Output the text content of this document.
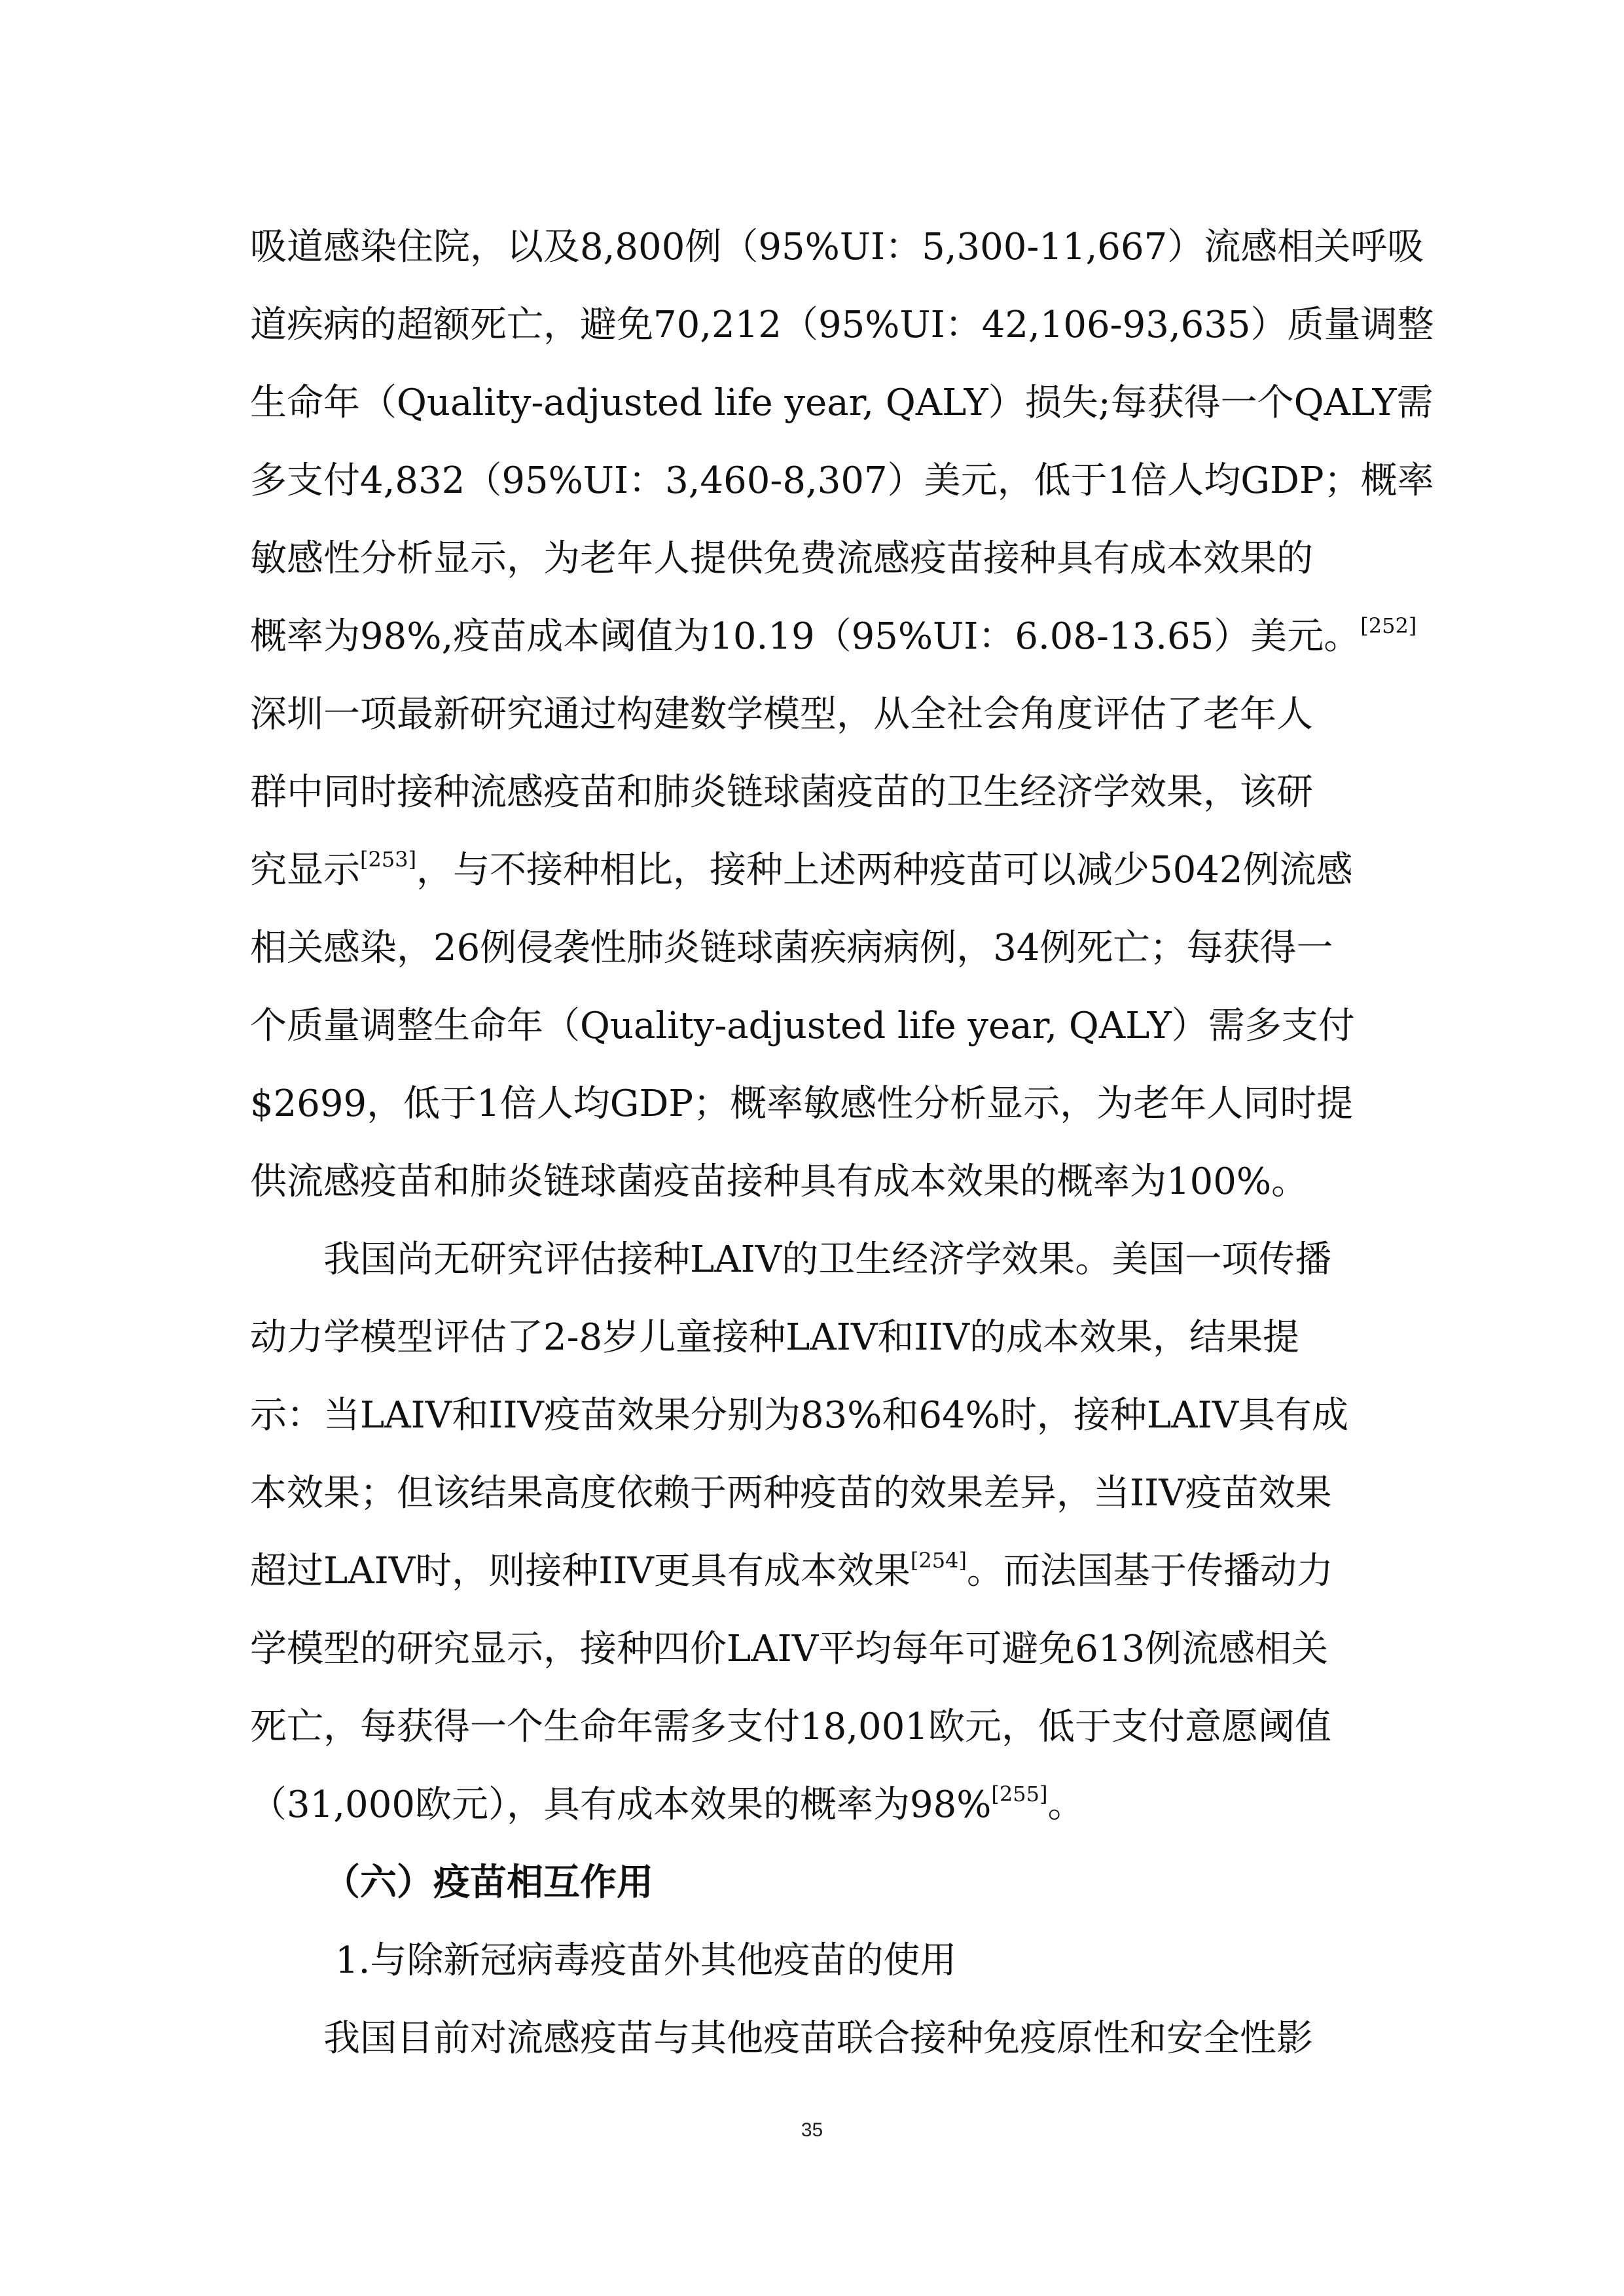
吸道感染住院，以及8,800例（95%UI：5,300-11,667）流感相关呼吸
道疾病的超额死亡，避免70,212（95%UI：42,106-93,635）质量调整
生命年（Quality-adjusted life year, QALY）损失;每获得一个QALY需
多支付4,832（95%UI：3,460-8,307）美元，低于1倍人均GDP；概率
敏感性分析显示，为老年人提供免费流感疫苗接种具有成本效果的
概率为98%,疫苗成本阈值为10.19（95%UI：6.08-13.65）美元。[252]
深圳一项最新研究通过构建数学模型，从全社会角度评估了老年人
群中同时接种流感疫苗和肺炎链球菌疫苗的卫生经济学效果，该研
究显示[253]，与不接种相比，接种上述两种疫苗可以减少5042例流感
相关感染，26例侵袭性肺炎链球菌疾病病例，34例死亡；每获得一
个质量调整生命年（Quality-adjusted life year, QALY）需多支付
$2699，低于1倍人均GDP；概率敏感性分析显示，为老年人同时提
供流感疫苗和肺炎链球菌疫苗接种具有成本效果的概率为100%。
我国尚无研究评估接种LAIV的卫生经济学效果。美国一项传播
动力学模型评估了2-8岁儿童接种LAIV和IIV的成本效果，结果提
示：当LAIV和IIV疫苗效果分别为83%和64%时，接种LAIV具有成
本效果；但该结果高度依赖于两种疫苗的效果差异，当IIV疫苗效果
超过LAIV时，则接种IIV更具有成本效果[254]。而法国基于传播动力
学模型的研究显示，接种四价LAIV平均每年可避免613例流感相关
死亡，每获得一个生命年需多支付18,001欧元，低于支付意愿阈值
（31,000欧元），具有成本效果的概率为98%[255]。
（六）疫苗相互作用
1.与除新冠病毒疫苗外其他疫苗的使用
我国目前对流感疫苗与其他疫苗联合接种免疫原性和安全性影
35
